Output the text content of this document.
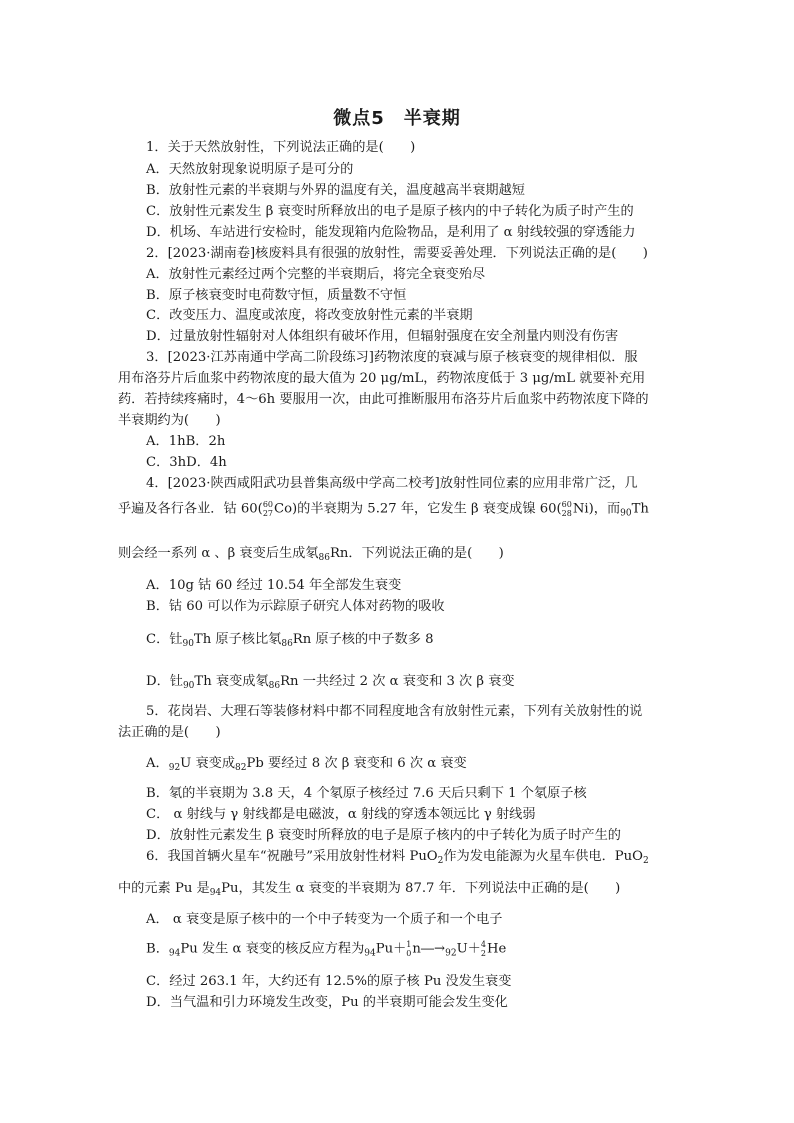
微点5　半衰期
1．关于天然放射性，下列说法正确的是(　　)
A．天然放射现象说明原子是可分的
B．放射性元素的半衰期与外界的温度有关，温度越高半衰期越短
C．放射性元素发生 β 衰变时所释放出的电子是原子核内的中子转化为质子时产生的
D．机场、车站进行安检时，能发现箱内危险物品，是利用了 α 射线较强的穿透能力
2．[2023·湖南卷]核废料具有很强的放射性，需要妥善处理．下列说法正确的是(　　)
A．放射性元素经过两个完整的半衰期后，将完全衰变殆尽
B．原子核衰变时电荷数守恒，质量数不守恒
C．改变压力、温度或浓度，将改变放射性元素的半衰期
D．过量放射性辐射对人体组织有破坏作用，但辐射强度在安全剂量内则没有伤害
3．[2023·江苏南通中学高二阶段练习]药物浓度的衰减与原子核衰变的规律相似．服
用布洛芬片后血浆中药物浓度的最大值为 20 μg/mL，药物浓度低于 3 μg/mL 就要补充用
药．若持续疼痛时，4～6h 要服用一次，由此可推断服用布洛芬片后血浆中药物浓度下降的
半衰期约为(　　)
A．1hB．2h
C．3hD．4h
4．[2023·陕西咸阳武功县普集高级中学高二校考]放射性同位素的应用非常广泛，几
乎遍及各行各业．钴 60( 60
27 Co)的半衰期为 5.27 年，它发生 β 衰变成镍 60( 60
28 Ni)，而$_{90}$Th
则会经一系列 α 、β 衰变后生成氡$_{86}$Rn．下列说法正确的是(　　)
A．10g 钴 60 经过 10.54 年全部发生衰变
B．钴 60 可以作为示踪原子研究人体对药物的吸收
C．钍$_{90}$Th 原子核比氡$_{86}$Rn 原子核的中子数多 8
D．钍$_{90}$Th 衰变成氡$_{86}$Rn 一共经过 2 次 α 衰变和 3 次 β 衰变
5．花岗岩、大理石等装修材料中都不同程度地含有放射性元素，下列有关放射性的说
法正确的是(　　)
A．$_{92}$U 衰变成$_{82}$Pb 要经过 8 次 β 衰变和 6 次 α 衰变
B．氡的半衰期为 3.8 天，4 个氡原子核经过 7.6 天后只剩下 1 个氡原子核
C． α 射线与 γ 射线都是电磁波，α 射线的穿透本领远比 γ 射线弱
D．放射性元素发生 β 衰变时所释放的电子是原子核内的中子转化为质子时产生的
6．我国首辆火星车“祝融号”采用放射性材料 PuO$_2$作为发电能源为火星车供电．PuO$_2$
中的元素 Pu 是$_{94}$Pu，其发生 α 衰变的半衰期为 87.7 年．下列说法中正确的是(　　)
A． α 衰变是原子核中的一个中子转变为一个质子和一个电子
B．$_{94}$Pu 发生 α 衰变的核反应方程为$_{94}$Pu＋ 1
0 $n―\to_{92}U+ 4$
2 He
C．经过 263.1 年，大约还有 12.5%的原子核 Pu 没发生衰变
D．当气温和引力环境发生改变，Pu 的半衰期可能会发生变化
